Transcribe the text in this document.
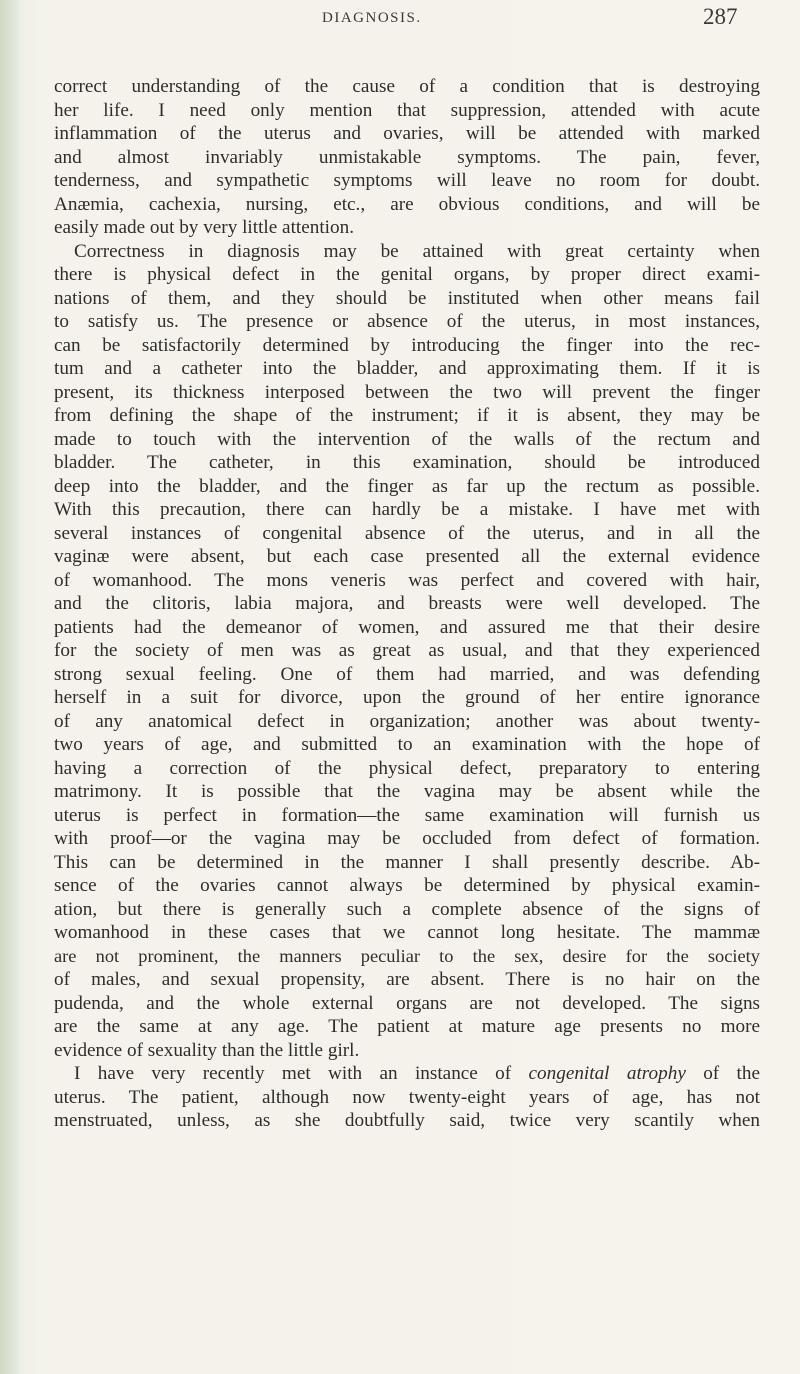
DIAGNOSIS.	287
correct understanding of the cause of a condition that is destroying
her life. I need only mention that suppression, attended with acute
inflammation of the uterus and ovaries, will be attended with marked
and almost invariably unmistakable symptoms. The pain, fever,
tenderness, and sympathetic symptoms will leave no room for doubt.
Anæmia, cachexia, nursing, etc., are obvious conditions, and will be
easily made out by very little attention.
Correctness in diagnosis may be attained with great certainty when
there is physical defect in the genital organs, by proper direct exami-
nations of them, and they should be instituted when other means fail
to satisfy us. The presence or absence of the uterus, in most instances,
can be satisfactorily determined by introducing the finger into the rec-
tum and a catheter into the bladder, and approximating them. If it is
present, its thickness interposed between the two will prevent the finger
from defining the shape of the instrument; if it is absent, they may be
made to touch with the intervention of the walls of the rectum and
bladder. The catheter, in this examination, should be introduced
deep into the bladder, and the finger as far up the rectum as possible.
With this precaution, there can hardly be a mistake. I have met with
several instances of congenital absence of the uterus, and in all the
vaginæ were absent, but each case presented all the external evidence
of womanhood. The mons veneris was perfect and covered with hair,
and the clitoris, labia majora, and breasts were well developed. The
patients had the demeanor of women, and assured me that their desire
for the society of men was as great as usual, and that they experienced
strong sexual feeling. One of them had married, and was defending
herself in a suit for divorce, upon the ground of her entire ignorance
of any anatomical defect in organization; another was about twenty-
two years of age, and submitted to an examination with the hope of
having a correction of the physical defect, preparatory to entering
matrimony. It is possible that the vagina may be absent while the
uterus is perfect in formation—the same examination will furnish us
with proof—or the vagina may be occluded from defect of formation.
This can be determined in the manner I shall presently describe. Ab-
sence of the ovaries cannot always be determined by physical examin-
ation, but there is generally such a complete absence of the signs of
womanhood in these cases that we cannot long hesitate. The mammæ
are not prominent, the manners peculiar to the sex, desire for the society
of males, and sexual propensity, are absent. There is no hair on the
pudenda, and the whole external organs are not developed. The signs
are the same at any age. The patient at mature age presents no more
evidence of sexuality than the little girl.
I have very recently met with an instance of congenital atrophy of the
uterus. The patient, although now twenty-eight years of age, has not
menstruated, unless, as she doubtfully said, twice very scantily when
